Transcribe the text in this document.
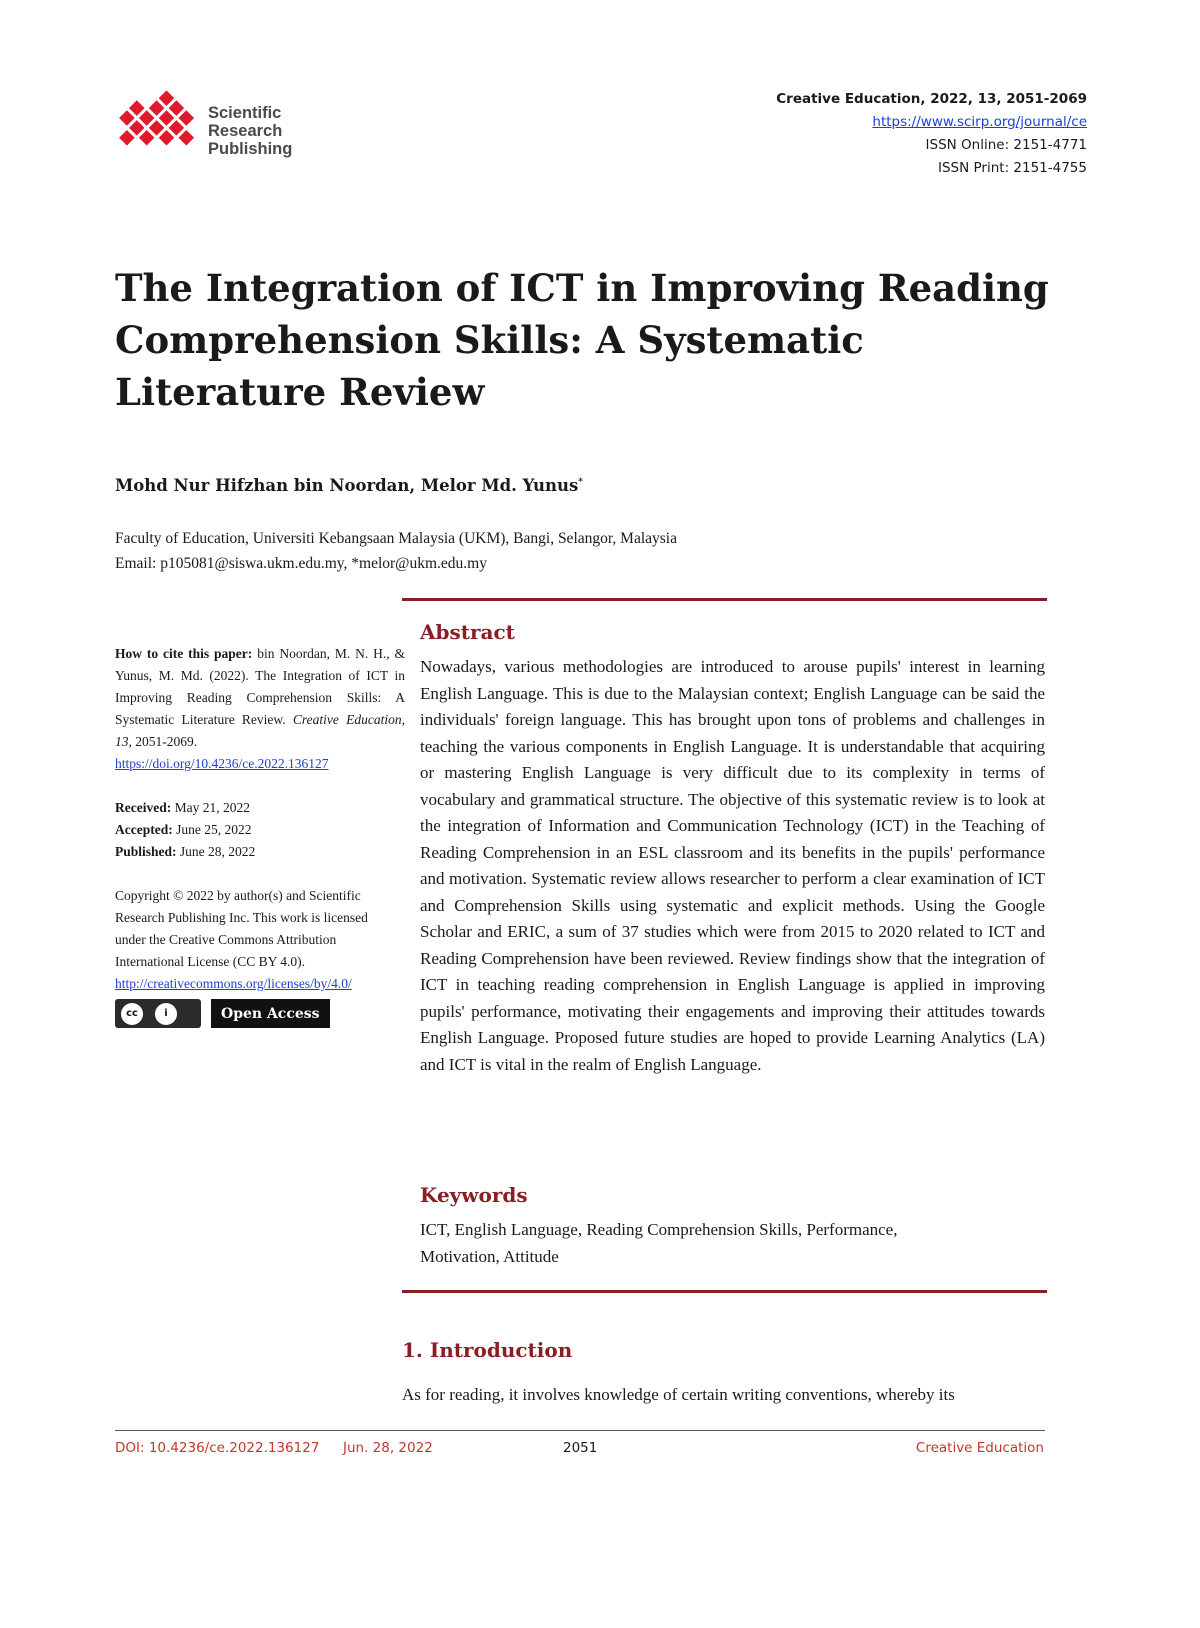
Scientific
Research
Publishing
Creative Education, 2022, 13, 2051-2069
https://www.scirp.org/journal/ce
ISSN Online: 2151-4771
ISSN Print: 2151-4755
The Integration of ICT in Improving Reading Comprehension Skills: A Systematic Literature Review
Mohd Nur Hifzhan bin Noordan, Melor Md. Yunus*
Faculty of Education, Universiti Kebangsaan Malaysia (UKM), Bangi, Selangor, Malaysia
Email: p105081@siswa.ukm.edu.my, *melor@ukm.edu.my
How to cite this paper: bin Noordan, M. N. H., & Yunus, M. Md. (2022). The Integration of ICT in Improving Reading Comprehension Skills: A Systematic Literature Review. Creative Education, 13, 2051-2069.
https://doi.org/10.4236/ce.2022.136127
Received: May 21, 2022
Accepted: June 25, 2022
Published: June 28, 2022
Copyright © 2022 by author(s) and Scientific Research Publishing Inc. This work is licensed under the Creative Commons Attribution International License (CC BY 4.0).
http://creativecommons.org/licenses/by/4.0/
cc	i	Open Access
Abstract

Nowadays, various methodologies are introduced to arouse pupils' interest in learning English Language. This is due to the Malaysian context; English Language can be said the individuals' foreign language. This has brought upon tons of problems and challenges in teaching the various components in English Language. It is understandable that acquiring or mastering English Language is very difficult due to its complexity in terms of vocabulary and grammatical structure. The objective of this systematic review is to look at the integration of Information and Communication Technology (ICT) in the Teaching of Reading Comprehension in an ESL classroom and its benefits in the pupils' performance and motivation. Systematic review allows researcher to perform a clear examination of ICT and Comprehension Skills using systematic and explicit methods. Using the Google Scholar and ERIC, a sum of 37 studies which were from 2015 to 2020 related to ICT and Reading Comprehension have been reviewed. Review findings show that the integration of ICT in teaching reading comprehension in English Language is applied in improving pupils' performance, motivating their engagements and improving their attitudes towards English Language. Proposed future studies are hoped to provide Learning Analytics (LA) and ICT is vital in the realm of English Language.

Keywords

ICT, English Language, Reading Comprehension Skills, Performance, Motivation, Attitude

1. Introduction

As for reading, it involves knowledge of certain writing conventions, whereby its

DOI: 10.4236/ce.2022.136127 Jun. 28, 2022	2051	Creative Education
